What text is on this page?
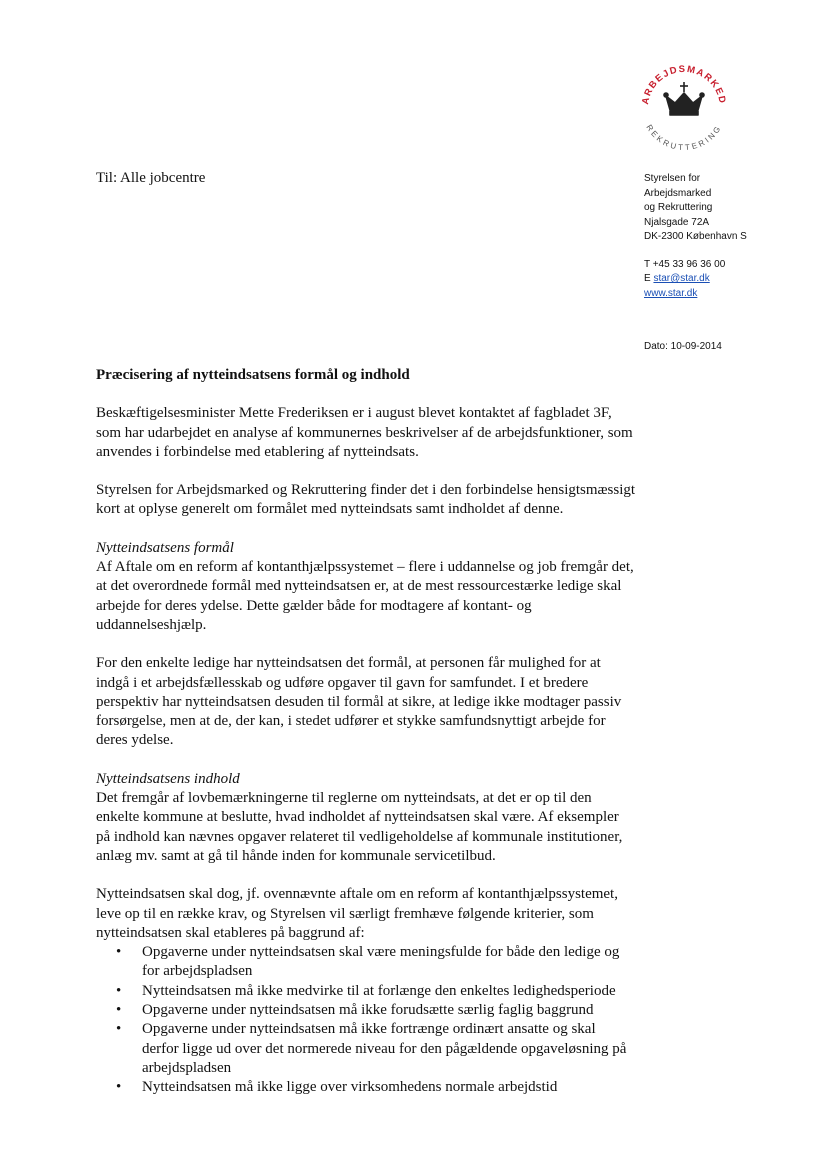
ARBEJDSMARKED
REKRUTTERING
Til: Alle jobcentre	Styrelsen for
Arbejdsmarked
og Rekruttering
Njalsgade 72A
DK-2300 København S
T +45 33 96 36 00
E star@star.dk
www.star.dk
Dato: 10-09-2014
Præcisering af nytteindsatsens formål og indhold

Beskæftigelsesminister Mette Frederiksen er i august blevet kontaktet af fagbladet 3F, som har udarbejdet en analyse af kommunernes beskrivelser af de arbejdsfunktioner, som anvendes i forbindelse med etablering af nytteindsats.

Styrelsen for Arbejdsmarked og Rekruttering finder det i den forbindelse hensigtsmæssigt kort at oplyse generelt om formålet med nytteindsats samt indholdet af denne.

Nytteindsatsens formål
Af Aftale om en reform af kontanthjælpssystemet – flere i uddannelse og job fremgår det, at det overordnede formål med nytteindsatsen er, at de mest ressourcestærke ledige skal arbejde for deres ydelse. Dette gælder både for modtagere af kontant- og uddannelseshjælp.

For den enkelte ledige har nytteindsatsen det formål, at personen får mulighed for at indgå i et arbejdsfællesskab og udføre opgaver til gavn for samfundet. I et bredere perspektiv har nytteindsatsen desuden til formål at sikre, at ledige ikke modtager passiv forsørgelse, men at de, der kan, i stedet udfører et stykke samfundsnyttigt arbejde for deres ydelse.

Nytteindsatsens indhold
Det fremgår af lovbemærkningerne til reglerne om nytteindsats, at det er op til den enkelte kommune at beslutte, hvad indholdet af nytteindsatsen skal være. Af eksempler på indhold kan nævnes opgaver relateret til vedligeholdelse af kommunale institutioner, anlæg mv. samt at gå til hånde inden for kommunale servicetilbud.

Nytteindsatsen skal dog, jf. ovennævnte aftale om en reform af kontanthjælpssystemet, leve op til en række krav, og Styrelsen vil særligt fremhæve følgende kriterier, som nytteindsatsen skal etableres på baggrund af:
• Opgaverne under nytteindsatsen skal være meningsfulde for både den ledige og for arbejdspladsen
• Nytteindsatsen må ikke medvirke til at forlænge den enkeltes ledighedsperiode
• Opgaverne under nytteindsatsen må ikke forudsætte særlig faglig baggrund
• Opgaverne under nytteindsatsen må ikke fortrænge ordinært ansatte og skal derfor ligge ud over det normerede niveau for den pågældende opgaveløsning på arbejdspladsen
• Nytteindsatsen må ikke ligge over virksomhedens normale arbejdstid
